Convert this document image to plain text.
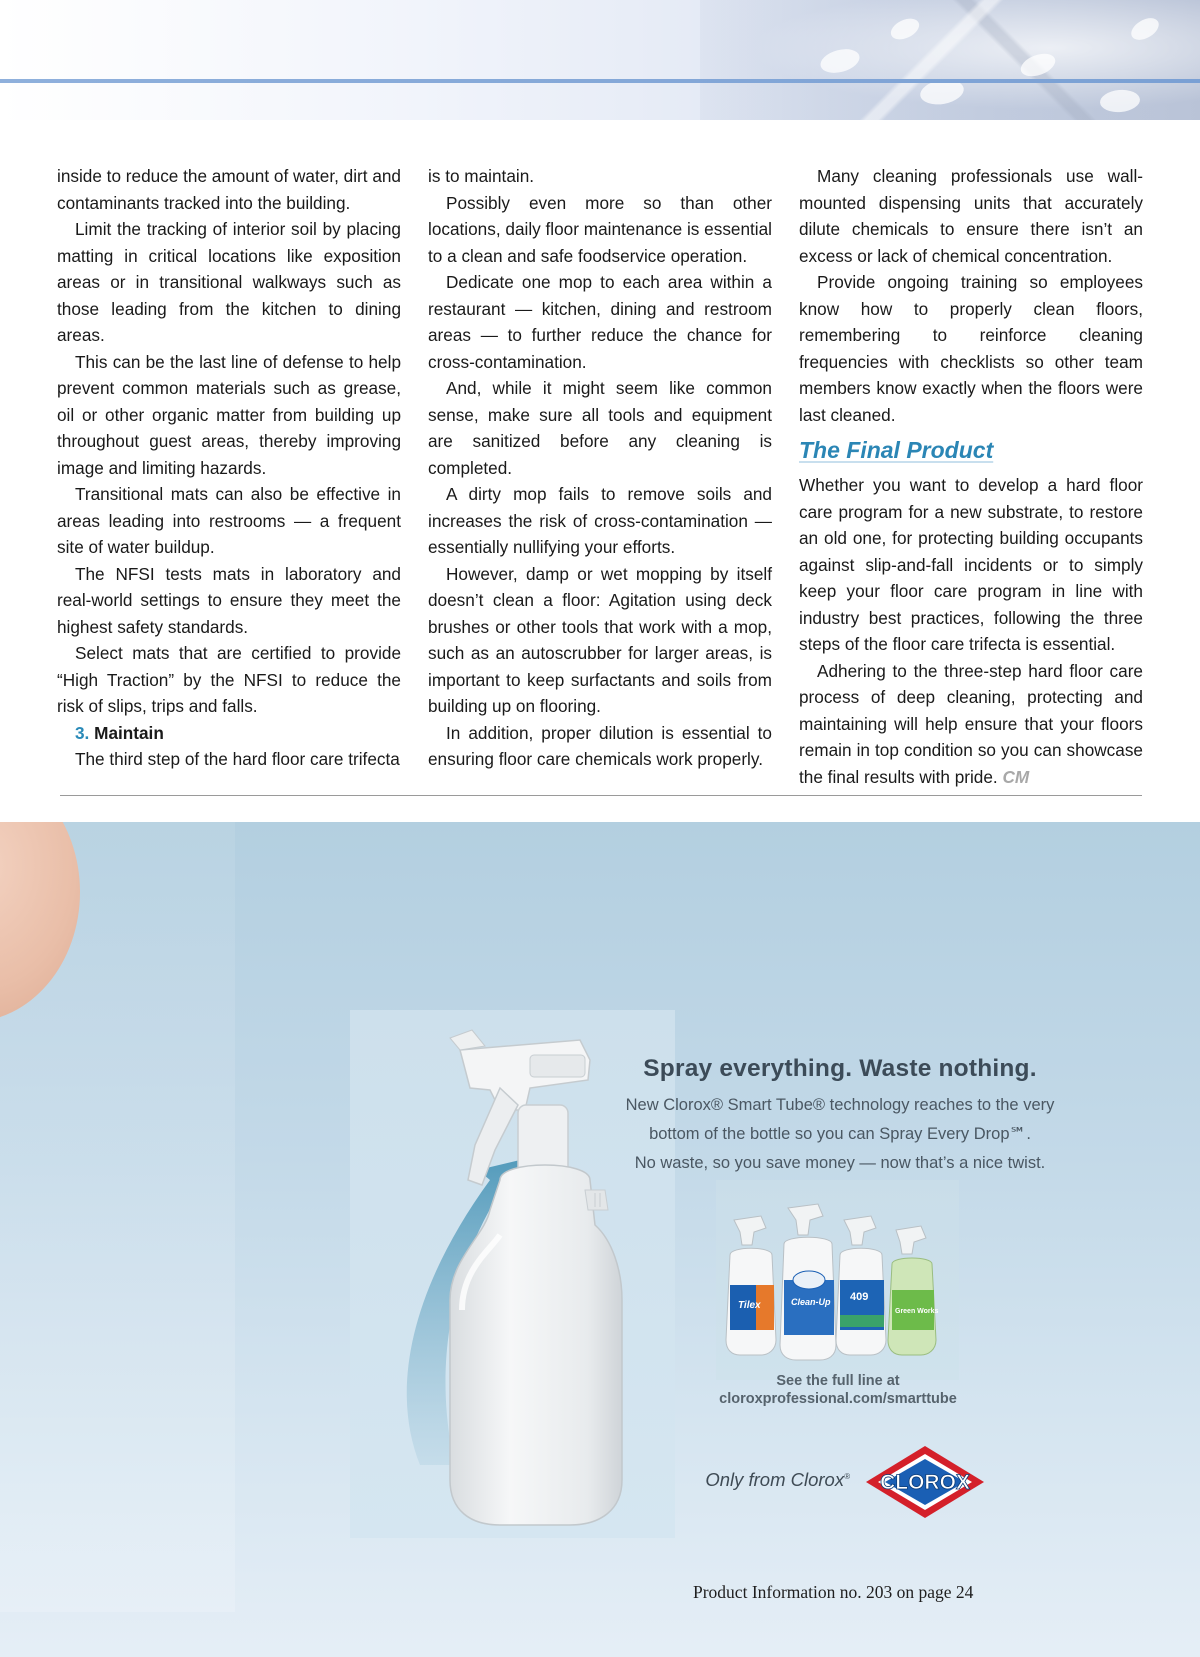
inside to reduce the amount of water, dirt and contaminants tracked into the building.

Limit the tracking of interior soil by placing matting in critical locations like exposition areas or in transitional walkways such as those leading from the kitchen to dining areas.

This can be the last line of defense to help prevent common materials such as grease, oil or other organic matter from building up throughout guest areas, thereby improving image and limiting hazards.

Transitional mats can also be effective in areas leading into restrooms — a frequent site of water buildup.

The NFSI tests mats in laboratory and real-world settings to ensure they meet the highest safety standards.

Select mats that are certified to provide “High Traction” by the NFSI to reduce the risk of slips, trips and falls.

3. Maintain

The third step of the hard floor care trifecta

is to maintain.

Possibly even more so than other locations, daily floor maintenance is essential to a clean and safe foodservice operation.

Dedicate one mop to each area within a restaurant — kitchen, dining and restroom areas — to further reduce the chance for cross-contamination.

And, while it might seem like common sense, make sure all tools and equipment are sanitized before any cleaning is completed.

A dirty mop fails to remove soils and increases the risk of cross-contamination — essentially nullifying your efforts.

However, damp or wet mopping by itself doesn’t clean a floor: Agitation using deck brushes or other tools that work with a mop, such as an autoscrubber for larger areas, is important to keep surfactants and soils from building up on flooring.

In addition, proper dilution is essential to ensuring floor care chemicals work properly.

Many cleaning professionals use wall-mounted dispensing units that accurately dilute chemicals to ensure there isn’t an excess or lack of chemical concentration.

Provide ongoing training so employees know how to properly clean floors, remembering to reinforce cleaning frequencies with checklists so other team members know exactly when the floors were last cleaned.

The Final Product

Whether you want to develop a hard floor care program for a new substrate, to restore an old one, for protecting building occupants against slip-and-fall incidents or to simply keep your floor care program in line with industry best practices, following the three steps of the floor care trifecta is essential.

Adhering to the three-step hard floor care process of deep cleaning, protecting and maintaining will help ensure that your floors remain in top condition so you can showcase the final results with pride. CM

Spray everything. Waste nothing.
New Clorox® Smart Tube® technology reaches to the very
bottom of the bottle so you can Spray Every Drop℠.
No waste, so you save money — now that’s a nice twist.
Tilex	Clean-Up 409
Green Works
See the full line at
cloroxprofessional.com/smarttube
Only from Clorox® CLOROX
Product Information no. 203 on page 24
